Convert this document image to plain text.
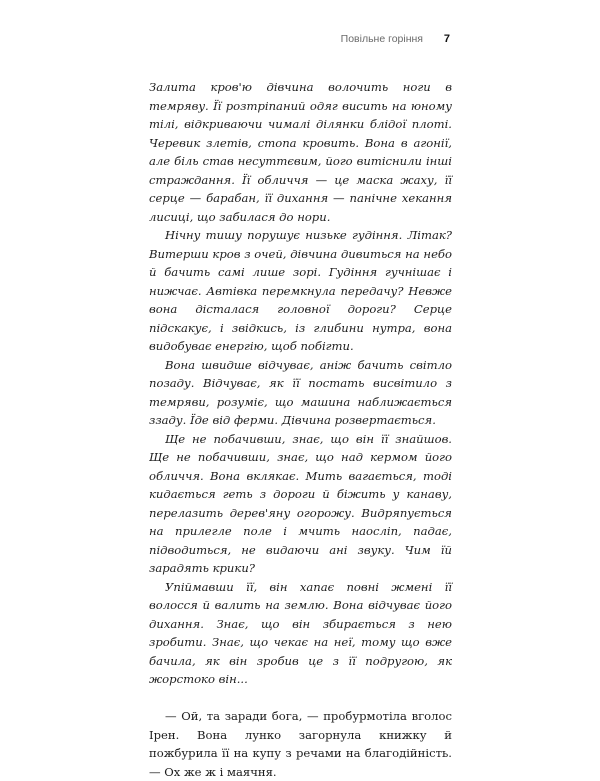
Повільне горіння 7

Залита кров'ю дівчина волочить ноги в темряву. Її розтріпаний одяг висить на юному тілі, відкриваючи чималі ділянки блідої плоті. Черевик злетів, стопа кровить. Вона в агонії, але біль став несуттєвим, його витіснили інші страждання. Її обличчя — це маска жаху, її серце — барабан, її дихання — панічне хекання лисиці, що забилася до нори.

Нічну тишу порушує низьке гудіння. Літак? Витерши кров з очей, дівчина дивиться на небо й бачить самі лише зорі. Гудіння гучнішає і нижчає. Автівка перемкнула передачу? Невже вона дісталася головної дороги? Серце підскакує, і звідкись, із глибини нутра, вона видобуває енергію, щоб побігти.

Вона швидше відчуває, аніж бачить світло позаду. Відчуває, як її постать висвітило з темряви, розуміє, що машина наближається ззаду. Їде від ферми. Дівчина розвертається.

Ще не побачивши, знає, що він її знайшов. Ще не побачивши, знає, що над кермом його обличчя. Вона вклякає. Мить вагається, тоді кидається геть з дороги й біжить у канаву, перелазить дерев'яну огорожу. Видряпується на прилегле поле і мчить наосліп, падає, підводиться, не видаючи ані звуку. Чим їй зарадять крики?

Упіймавши її, він хапає повні жмені її волосся й валить на землю. Вона відчуває його дихання. Знає, що він збирається з нею зробити. Знає, що чекає на неї, тому що вже бачила, як він зробив це з її подругою, як жорстоко він...

— Ой, та заради бога, — пробурмотіла вголос Ірен. Вона лунко загорнула книжку й пожбурила її на купу з речами на благодійність. — Ох же ж і маячня.
